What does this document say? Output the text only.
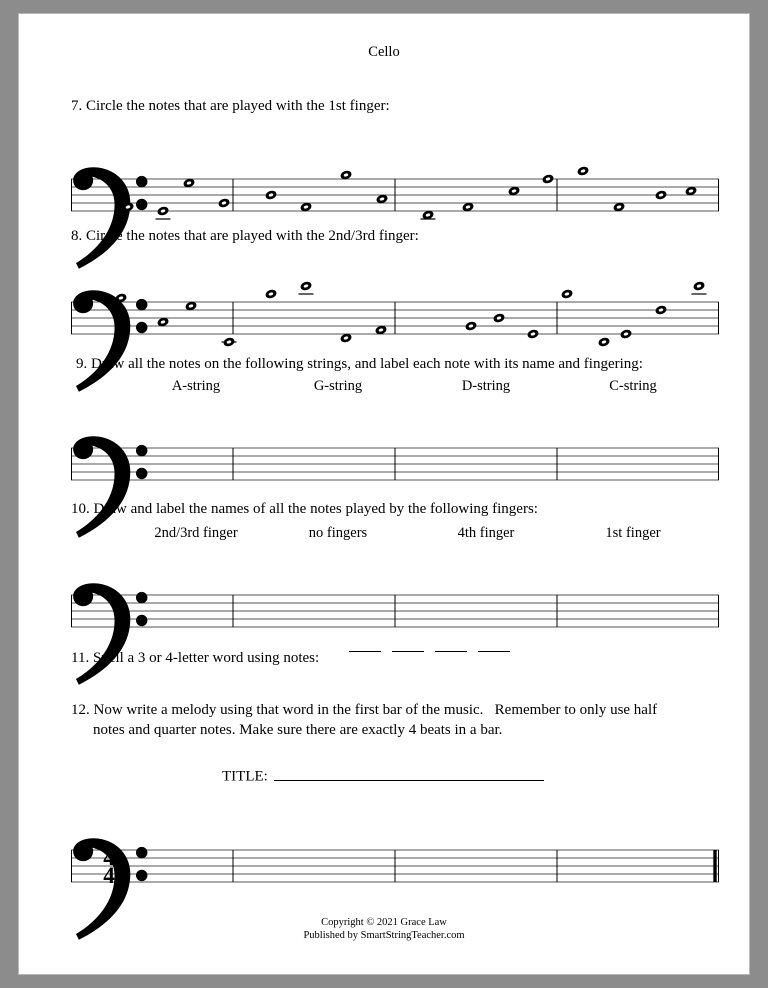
Cello
7. Circle the notes that are played with the 1st finger:
8. Circle the notes that are played with the 2nd/3rd finger:
9. Draw all the notes on the following strings, and label each note with its name and fingering:
A-string	G-string	D-string	C-string
10. Draw and label the names of all the notes played by the following fingers:
2nd/3rd finger	no fingers	4th finger	1st finger
11. Spell a 3 or 4-letter word using notes:
12. Now write a melody using that word in the first bar of the music.   Remember to only use half
notes and quarter notes. Make sure there are exactly 4 beats in a bar.
TITLE:
4
4
Copyright © 2021 Grace Law
Published by SmartStringTeacher.com
